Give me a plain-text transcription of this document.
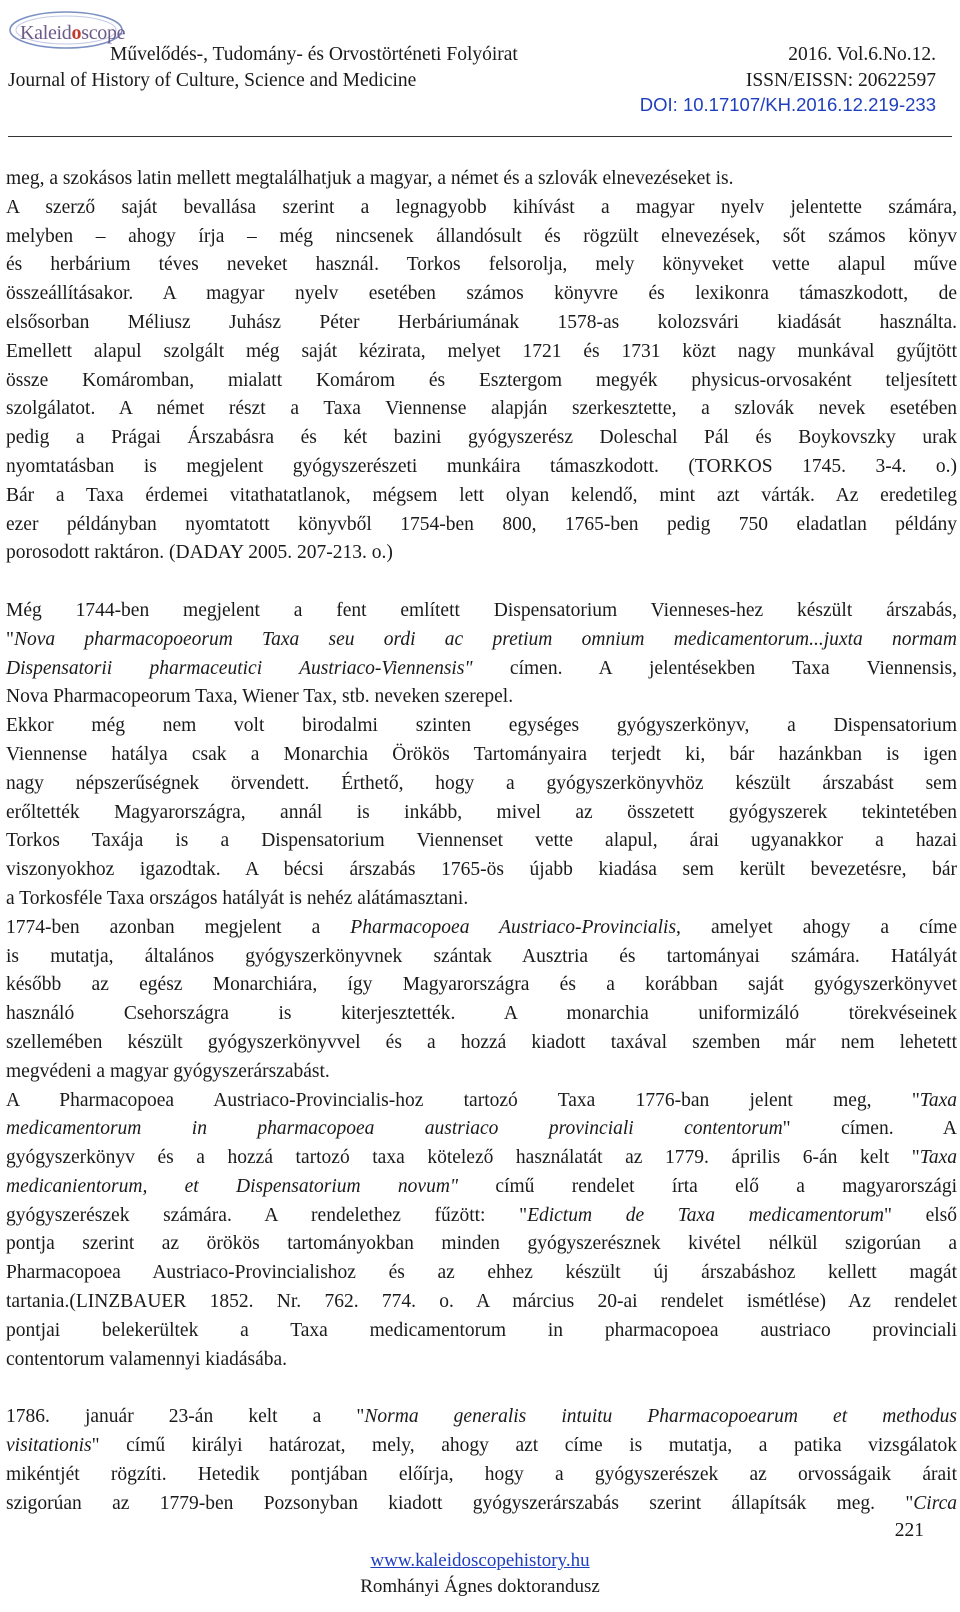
Kaleidoscope
Művelődés-, Tudomány- és Orvostörténeti Folyóirat	2016. Vol.6.No.12.
Journal of History of Culture, Science and Medicine	ISSN/EISSN: 20622597
DOI: 10.17107/KH.2016.12.219-233
meg, a szokásos latin mellett megtalálhatjuk a magyar, a német és a szlovák elnevezéseket is.
A szerző saját bevallása szerint a legnagyobb kihívást a magyar nyelv jelentette számára,
melyben – ahogy írja – még nincsenek állandósult és rögzült elnevezések, sőt számos könyv
és herbárium téves neveket használ. Torkos felsorolja, mely könyveket vette alapul műve
összeállításakor. A magyar nyelv esetében számos könyvre és lexikonra támaszkodott, de
elsősorban Méliusz Juhász Péter Herbáriumának 1578-as kolozsvári kiadását használta.
Emellett alapul szolgált még saját kézirata, melyet 1721 és 1731 közt nagy munkával gyűjtött
össze Komáromban, mialatt Komárom és Esztergom megyék physicus-orvosaként teljesített
szolgálatot. A német részt a Taxa Viennense alapján szerkesztette, a szlovák nevek esetében
pedig a Prágai Árszabásra és két bazini gyógyszerész Doleschal Pál és Boykovszky urak
nyomtatásban is megjelent gyógyszerészeti munkáira támaszkodott. (TORKOS 1745. 3-4. o.)
Bár a Taxa érdemei vitathatatlanok, mégsem lett olyan kelendő, mint azt várták. Az eredetileg
ezer példányban nyomtatott könyvből 1754-ben 800, 1765-ben pedig 750 eladatlan példány
porosodott raktáron. (DADAY 2005. 207-213. o.)
Még 1744-ben megjelent a fent említett Dispensatorium Vienneses-hez készült árszabás,
"Nova pharmacopoeorum Taxa seu ordi ac pretium omnium medicamentorum...juxta normam
Dispensatorii pharmaceutici Austriaco-Viennensis" címen. A jelentésekben Taxa Viennensis,
Nova Pharmacopeorum Taxa, Wiener Tax, stb. neveken szerepel.
Ekkor még nem volt birodalmi szinten egységes gyógyszerkönyv, a Dispensatorium
Viennense hatálya csak a Monarchia Örökös Tartományaira terjedt ki, bár hazánkban is igen
nagy népszerűségnek örvendett. Érthető, hogy a gyógyszerkönyvhöz készült árszabást sem
erőltették Magyarországra, annál is inkább, mivel az összetett gyógyszerek tekintetében
Torkos Taxája is a Dispensatorium Viennenset vette alapul, árai ugyanakkor a hazai
viszonyokhoz igazodtak. A bécsi árszabás 1765-ös újabb kiadása sem került bevezetésre, bár
a Torkosféle Taxa országos hatályát is nehéz alátámasztani.
1774-ben azonban megjelent a Pharmacopoea Austriaco-Provincialis, amelyet ahogy a címe
is mutatja, általános gyógyszerkönyvnek szántak Ausztria és tartományai számára. Hatályát
később az egész Monarchiára, így Magyarországra és a korábban saját gyógyszerkönyvet
használó Csehországra is kiterjesztették. A monarchia uniformizáló törekvéseinek
szellemében készült gyógyszerkönyvvel és a hozzá kiadott taxával szemben már nem lehetett
megvédeni a magyar gyógyszerárszabást.
A Pharmacopoea Austriaco-Provincialis-hoz tartozó Taxa 1776-ban jelent meg, "Taxa
medicamentorum in pharmacopoea austriaco provinciali contentorum" címen. A
gyógyszerkönyv és a hozzá tartozó taxa kötelező használatát az 1779. április 6-án kelt "Taxa
medicanientorum, et Dispensatorium novum" című rendelet írta elő a magyarországi
gyógyszerészek számára. A rendelethez fűzött: "Edictum de Taxa medicamentorum" első
pontja szerint az örökös tartományokban minden gyógyszerésznek kivétel nélkül szigorúan a
Pharmacopoea Austriaco-Provincialishoz és az ehhez készült új árszabáshoz kellett magát
tartania.(LINZBAUER 1852. Nr. 762. 774. o. A március 20-ai rendelet ismétlése) Az rendelet
pontjai belekerültek a Taxa medicamentorum in pharmacopoea austriaco provinciali
contentorum valamennyi kiadásába.
1786. január 23-án kelt a "Norma generalis intuitu Pharmacopoearum et methodus
visitationis" című királyi határozat, mely, ahogy azt címe is mutatja, a patika vizsgálatok
mikéntjét rögzíti. Hetedik pontjában előírja, hogy a gyógyszerészek az orvosságaik árait
szigorúan az 1779-ben Pozsonyban kiadott gyógyszerárszabás szerint állapítsák meg. "Circa
221
www.kaleidoscopehistory.hu
Romhányi Ágnes doktorandusz
